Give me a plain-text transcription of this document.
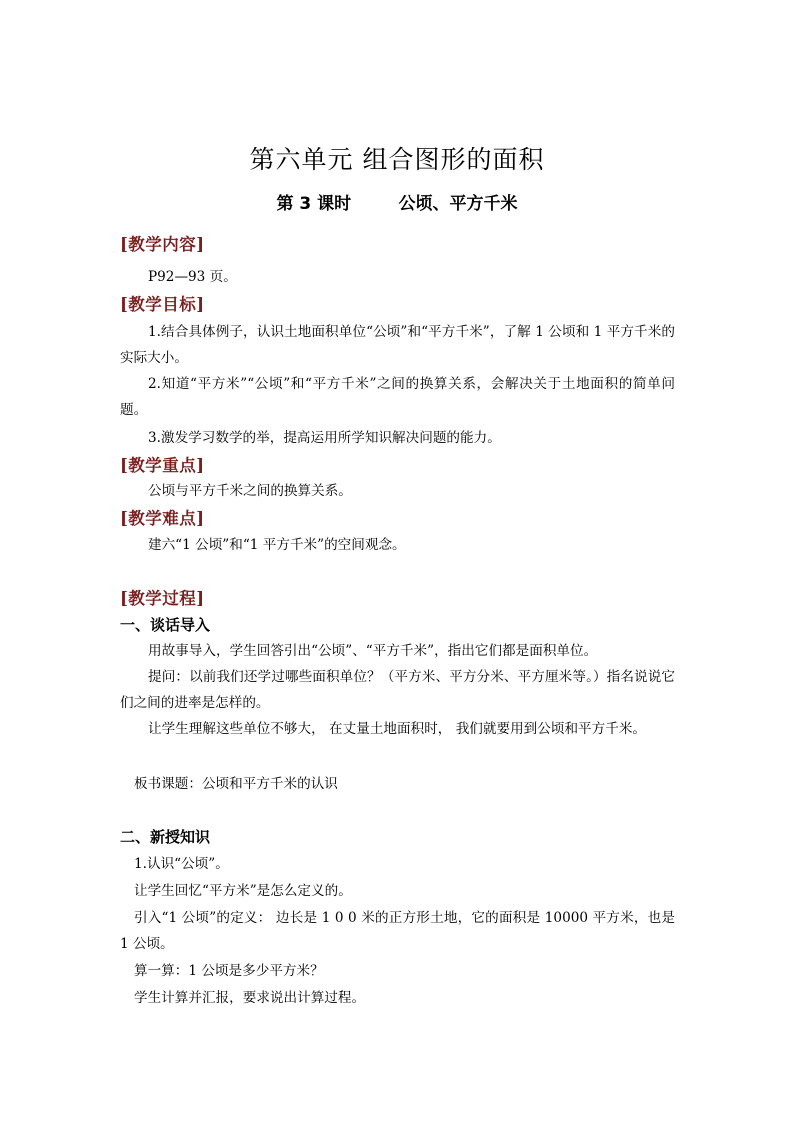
第六单元 组合图形的面积
第 3 课时        公顷、平方千米
[教学内容]

P92—93 页。

[教学目标]

1.结合具体例子，认识土地面积单位“公顷”和“平方千米”，了解 1 公顷和 1 平方千米的实际大小。

2.知道“平方米”“公顷”和“平方千米”之间的换算关系，会解决关于土地面积的简单问题。

3.激发学习数学的举，提高运用所学知识解决问题的能力。

[教学重点]

公顷与平方千米之间的换算关系。

[教学难点]

建六“1 公顷”和“1 平方千米”的空间观念。

[教学过程]
一、谈话导入

用故事导入，学生回答引出“公顷”、“平方千米”，指出它们都是面积单位。

提问：以前我们还学过哪些面积单位？（平方米、平方分米、平方厘米等。）指名说说它们之间的进率是怎样的。

让学生理解这些单位不够大， 在丈量土地面积时， 我们就要用到公顷和平方千米。

板书课题：公顷和平方千米的认识

二、新授知识

1.认识“公顷”。

让学生回忆“平方米”是怎么定义的。

引入“1 公顷”的定义： 边长是 1 0 0 米的正方形土地，它的面积是 10000 平方米，也是 1 公顷。

算一算：1 公顷是多少平方米？

学生计算并汇报，要求说出计算过程。
